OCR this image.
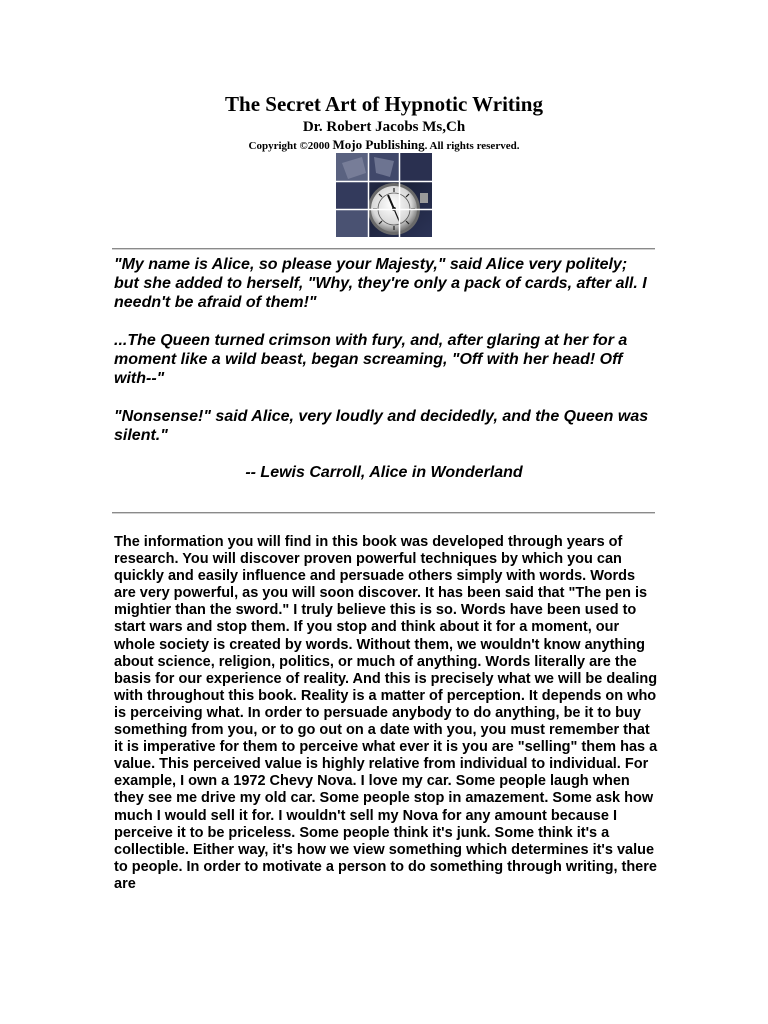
The Secret Art of Hypnotic Writing
Dr. Robert Jacobs Ms,Ch
Copyright ©2000 Mojo Publishing. All rights reserved.
"My name is Alice, so please your Majesty," said Alice very politely; but she added to herself, "Why, they're only a pack of cards, after all. I needn't be afraid of them!"
...The Queen turned crimson with fury, and, after glaring at her for a moment like a wild beast, began screaming, "Off with her head! Off with--"
"Nonsense!" said Alice, very loudly and decidedly, and the Queen was silent."
-- Lewis Carroll, Alice in Wonderland
The information you will find in this book was developed through years of research. You will discover proven powerful techniques by which you can quickly and easily influence and persuade others simply with words. Words are very powerful, as you will soon discover. It has been said that "The pen is mightier than the sword." I truly believe this is so. Words have been used to start wars and stop them. If you stop and think about it for a moment, our whole society is created by words. Without them, we wouldn't know anything about science, religion, politics, or much of anything. Words literally are the basis for our experience of reality. And this is precisely what we will be dealing with throughout this book. Reality is a matter of perception. It depends on who is perceiving what. In order to persuade anybody to do anything, be it to buy something from you, or to go out on a date with you, you must remember that it is imperative for them to perceive what ever it is you are "selling" them has a value. This perceived value is highly relative from individual to individual. For example, I own a 1972 Chevy Nova. I love my car. Some people laugh when they see me drive my old car. Some people stop in amazement. Some ask how much I would sell it for. I wouldn't sell my Nova for any amount because I perceive it to be priceless. Some people think it's junk. Some think it's a collectible. Either way, it's how we view something which determines it's value to people. In order to motivate a person to do something through writing, there are
